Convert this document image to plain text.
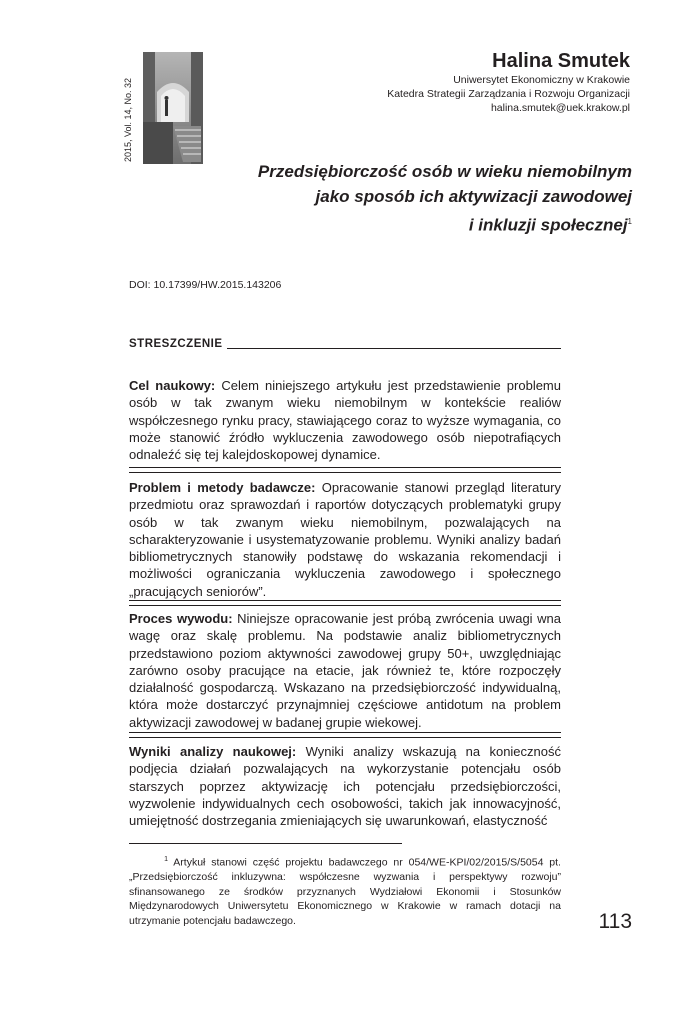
2015, Vol. 14, No. 32
Halina Smutek
Uniwersytet Ekonomiczny w Krakowie
Katedra Strategii Zarządzania i Rozwoju Organizacji
halina.smutek@uek.krakow.pl
Przedsiębiorczość osób w wieku niemobilnym
jako sposób ich aktywizacji zawodowej
i inkluzji społecznej$^1$
DOI: 10.17399/HW.2015.143206
STRESZCZENIE
Cel naukowy: Celem niniejszego artykułu jest przedstawienie problemu osób w tak zwanym wieku niemobilnym w kontekście realiów współczesnego rynku pracy, stawiającego coraz to wyższe wymagania, co może stanowić źródło wykluczenia zawodowego osób niepotrafiących odnaleźć się tej kalejdoskopowej dynamice.
Problem i metody badawcze: Opracowanie stanowi przegląd literatury przedmiotu oraz sprawozdań i raportów dotyczących problematyki grupy osób w tak zwanym wieku niemobilnym, pozwalających na scharakteryzowanie i usystematyzowanie problemu. Wyniki analizy badań bibliometrycznych stanowiły podstawę do wskazania rekomendacji i możliwości ograniczania wykluczenia zawodowego i społecznego „pracujących seniorów”.
Proces wywodu: Niniejsze opracowanie jest próbą zwrócenia uwagi wna wagę oraz skalę problemu. Na podstawie analiz bibliometrycznych przedstawiono poziom aktywności zawodowej grupy 50+, uwzględniając zarówno osoby pracujące na etacie, jak również te, które rozpoczęły działalność gospodarczą. Wskazano na przedsiębiorczość indywidualną, która może dostarczyć przynajmniej częściowe antidotum na problem aktywizacji zawodowej w badanej grupie wiekowej.
Wyniki analizy naukowej: Wyniki analizy wskazują na konieczność podjęcia działań pozwalających na wykorzystanie potencjału osób starszych poprzez aktywizację ich potencjału przedsiębiorczości, wyzwolenie indywidualnych cech osobowości, takich jak innowacyjność, umiejętność dostrzegania zmieniających się uwarunkowań, elastyczność
$^1$ Artykuł stanowi część projektu badawczego nr 054/WE-KPI/02/2015/S/5054 pt. „Przedsiębiorczość inkluzywna: współczesne wyzwania i perspektywy rozwoju” sfinansowanego ze środków przyznanych Wydziałowi Ekonomii i Stosunków Międzynarodowych Uniwersytetu Ekonomicznego w Krakowie w ramach dotacji na utrzymanie potencjału badawczego.	113
